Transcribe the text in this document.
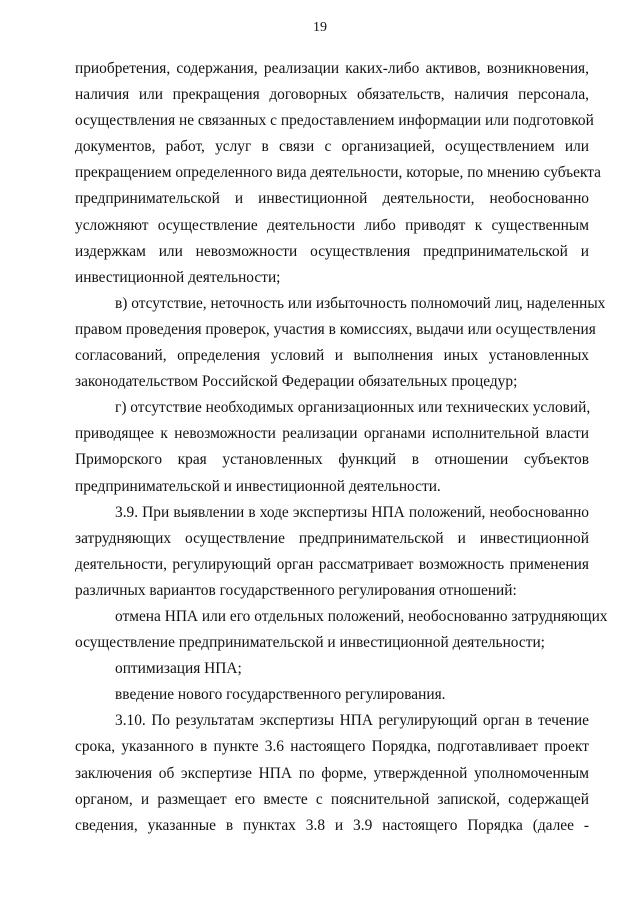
19
приобретения, содержания, реализации каких-либо активов, возникновения,
наличия или прекращения договорных обязательств, наличия персонала,
осуществления не связанных с предоставлением информации или подготовкой
документов, работ, услуг в связи с организацией, осуществлением или
прекращением определенного вида деятельности, которые, по мнению субъекта
предпринимательской и инвестиционной деятельности, необоснованно
усложняют осуществление деятельности либо приводят к существенным
издержкам или невозможности осуществления предпринимательской и
инвестиционной деятельности;
в) отсутствие, неточность или избыточность полномочий лиц, наделенных
правом проведения проверок, участия в комиссиях, выдачи или осуществления
согласований, определения условий и выполнения иных установленных
законодательством Российской Федерации обязательных процедур;
г) отсутствие необходимых организационных или технических условий,
приводящее к невозможности реализации органами исполнительной власти
Приморского края установленных функций в отношении субъектов
предпринимательской и инвестиционной деятельности.
3.9. При выявлении в ходе экспертизы НПА положений, необоснованно
затрудняющих осуществление предпринимательской и инвестиционной
деятельности, регулирующий орган рассматривает возможность применения
различных вариантов государственного регулирования отношений:
отмена НПА или его отдельных положений, необоснованно затрудняющих
осуществление предпринимательской и инвестиционной деятельности;
оптимизация НПА;
введение нового государственного регулирования.
3.10. По результатам экспертизы НПА регулирующий орган в течение
срока, указанного в пункте 3.6 настоящего Порядка, подготавливает проект
заключения об экспертизе НПА по форме, утвержденной уполномоченным
органом, и размещает его вместе с пояснительной запиской, содержащей
сведения, указанные в пунктах 3.8 и 3.9 настоящего Порядка (далее -
